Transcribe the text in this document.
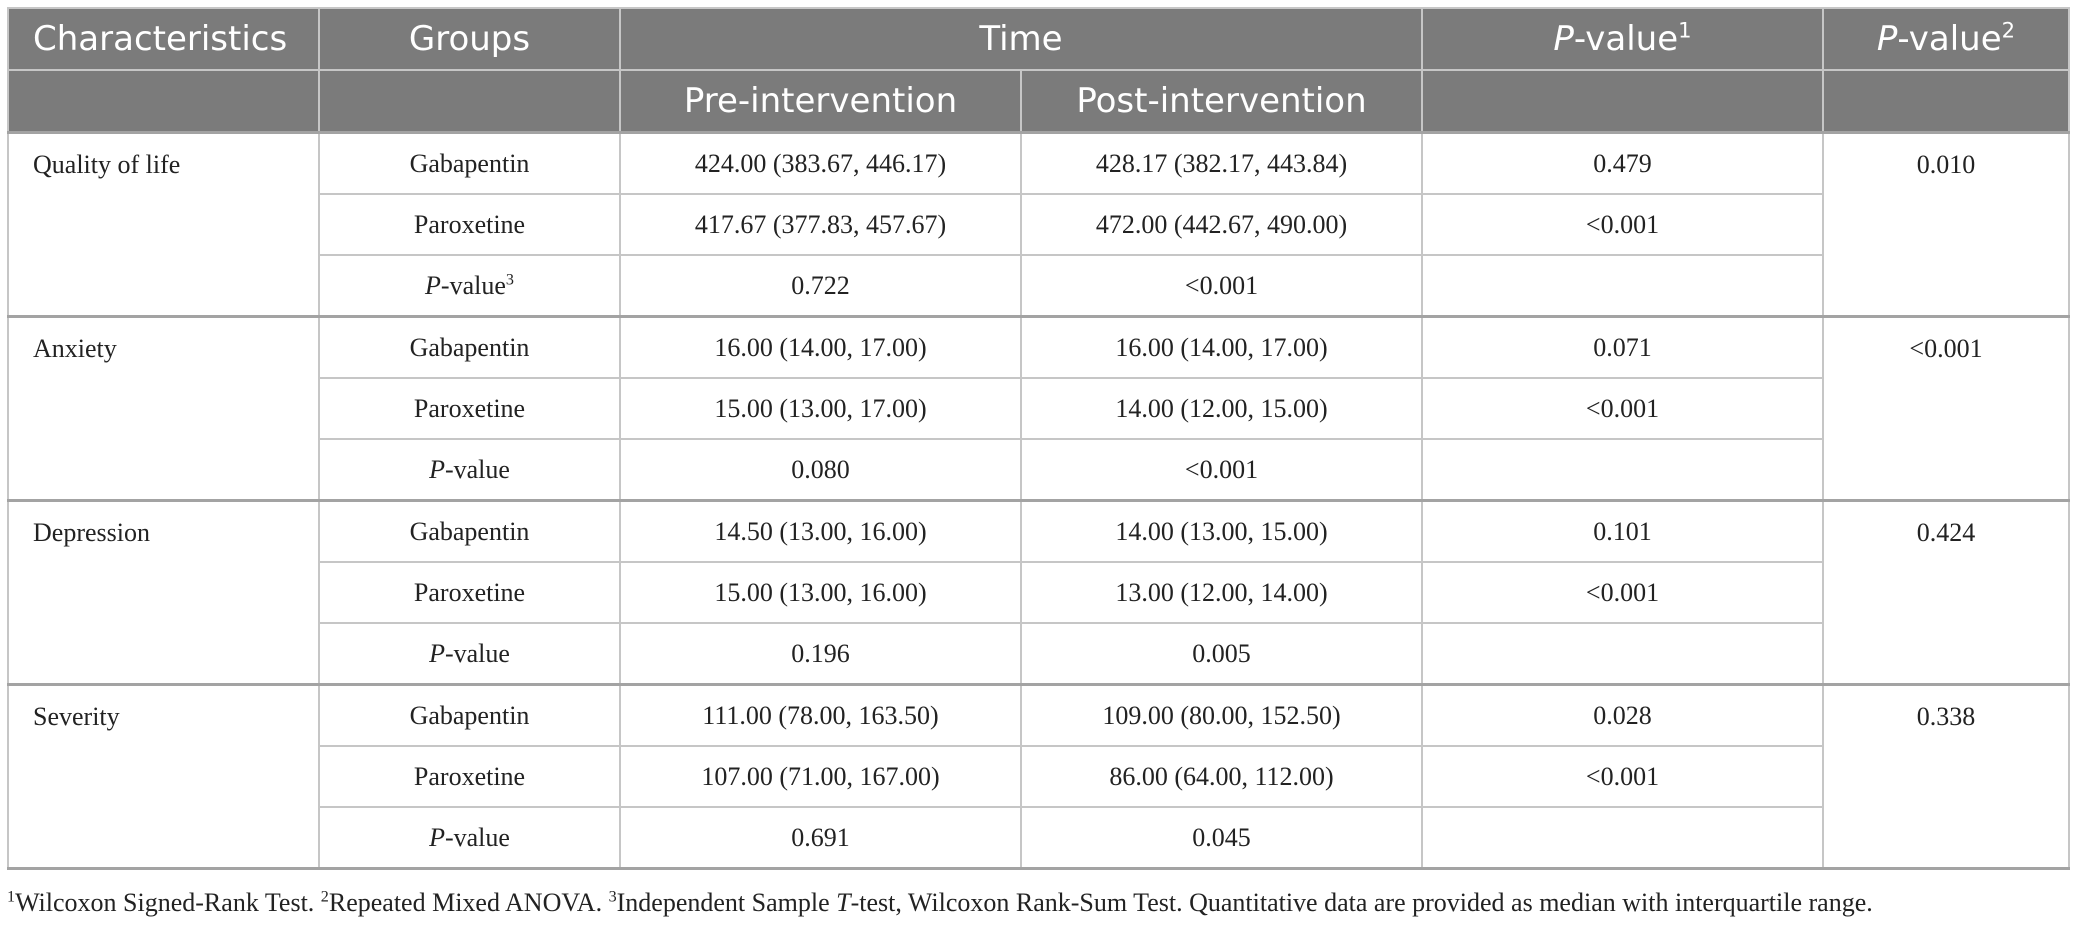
Characteristics	Groups	Time		P-value$^1$	P-value$^2$
		Pre-intervention	Post-intervention		
Quality of life	Gabapentin	424.00 (383.67, 446.17)	428.17 (382.17, 443.84)	0.479	0.010
	Paroxetine	417.67 (377.83, 457.67)	472.00 (442.67, 490.00)	<0.001	
	P-value$^3$	0.722	<0.001		
Anxiety	Gabapentin	16.00 (14.00, 17.00)	16.00 (14.00, 17.00)	0.071	<0.001
	Paroxetine	15.00 (13.00, 17.00)	14.00 (12.00, 15.00)	<0.001	
	P-value	0.080	<0.001		
Depression	Gabapentin	14.50 (13.00, 16.00)	14.00 (13.00, 15.00)	0.101	0.424
	Paroxetine	15.00 (13.00, 16.00)	13.00 (12.00, 14.00)	<0.001	
	P-value	0.196	0.005		
Severity	Gabapentin	111.00 (78.00, 163.50)	109.00 (80.00, 152.50)	0.028	0.338
	Paroxetine	107.00 (71.00, 167.00)	86.00 (64.00, 112.00)	<0.001	
	P-value	0.691	0.045		
$^1$Wilcoxon Signed-Rank Test. $^2$Repeated Mixed ANOVA. $^3$Independent Sample T-test, Wilcoxon Rank-Sum Test. Quantitative data are provided as median with interquartile range.
